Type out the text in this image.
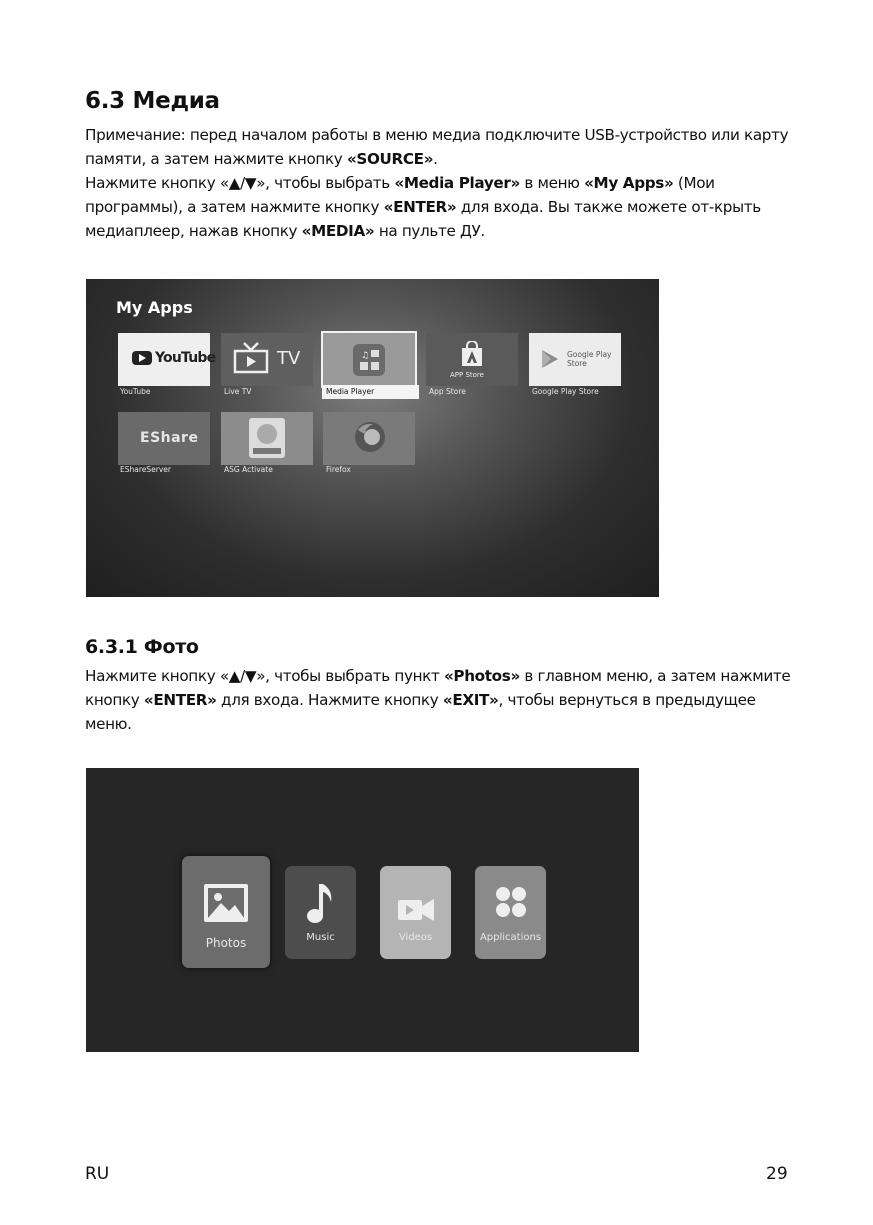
6.3 Медиа

Примечание: перед началом работы в меню медиа подключите USB-устройство или карту памяти, а затем нажмите кнопку «SOURCE».

Нажмите кнопку «▲/▼», чтобы выбрать «Media Player» в меню «My Apps» (Мои программы), а затем нажмите кнопку «ENTER» для входа. Вы также можете от-крыть медиаплеер, нажав кнопку «MEDIA» на пульте ДУ.

My Apps
YouTube
YouTube
TV
Live TV
♫
Media Player
APP Store
App Store
Google Play Store
Google Play Store
EShare
EShareServer	ASG Activate	Firefox
6.3.1 Фото

Нажмите кнопку «▲/▼», чтобы выбрать пункт «Photos» в главном меню, а затем нажмите кнопку «ENTER» для входа. Нажмите кнопку «EXIT», чтобы вернуться в предыдущее меню.

Photos	Music	Videos	Applications
RU	29
